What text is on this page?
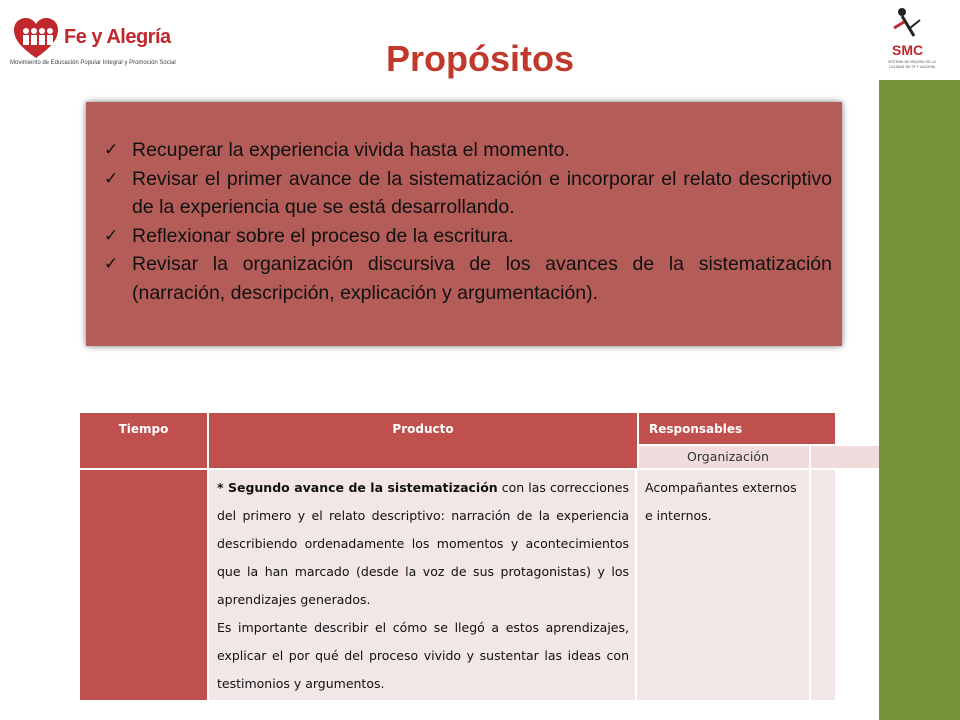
Fe y Alegría
Movimiento de Educación Popular Integral y Promoción Social
SMC
SISTEMA DE MEJORA DE LA CALIDAD DE FE Y ALEGRÍA
Propósitos
✓ Recuperar la experiencia vivida hasta el momento.
✓ Revisar el primer avance de la sistematización e incorporar el relato descriptivo de la experiencia que se está desarrollando.
✓ Reflexionar sobre el proceso de la escritura.
✓ Revisar la organización discursiva de los avances de la sistematización (narración, descripción, explicación y argumentación).
Tiempo	Producto	Responsables
Organización
* Segundo avance de la sistematización con las correcciones del primero y el relato descriptivo: narración de la experiencia describiendo ordenadamente los momentos y acontecimientos que la han marcado (desde la voz de sus protagonistas) y los aprendizajes generados.
Es importante describir el cómo se llegó a estos aprendizajes, explicar el por qué del proceso vivido y sustentar las ideas con testimonios y argumentos.
Acompañantes externos e internos.
